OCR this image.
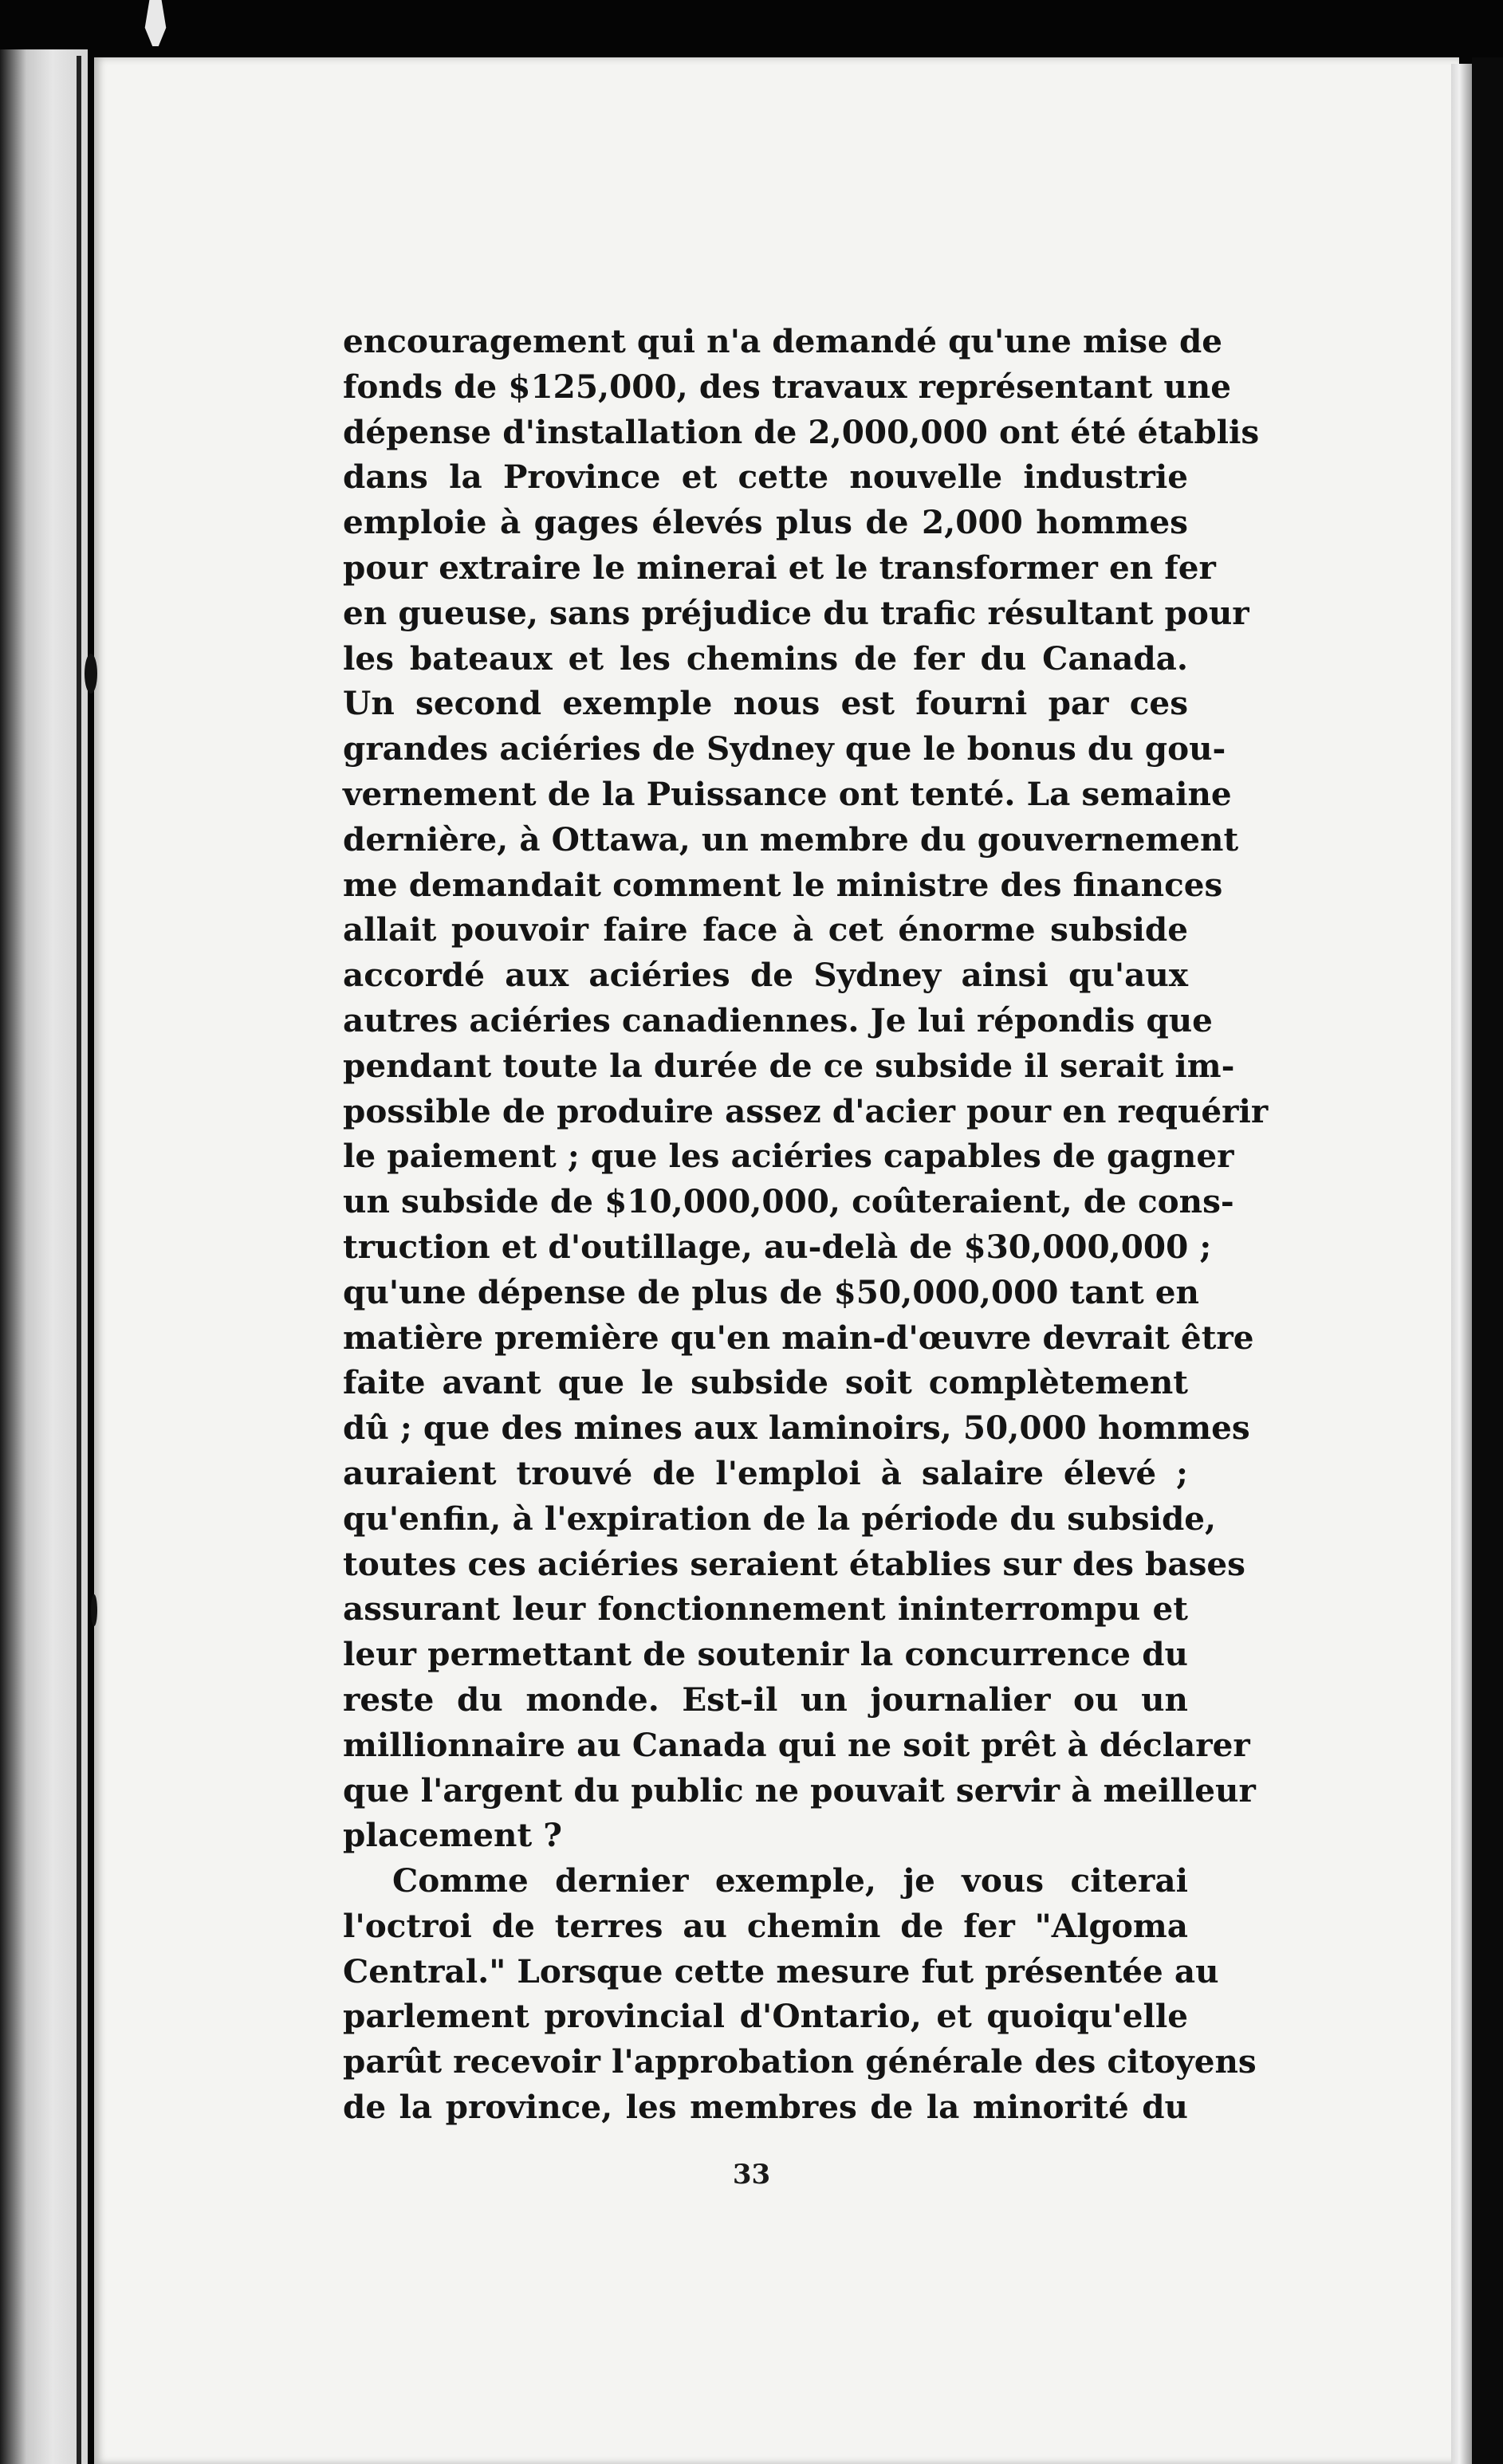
encouragement qui n'a demandé qu'une mise de
fonds de $125,000, des travaux représentant une
dépense d'installation de 2,000,000 ont été établis
dans la Province et cette nouvelle industrie
emploie à gages élevés plus de 2,000 hommes
pour extraire le minerai et le transformer en fer
en gueuse, sans préjudice du trafic résultant pour
les bateaux et les chemins de fer du Canada.
Un second exemple nous est fourni par ces
grandes aciéries de Sydney que le bonus du gou-
vernement de la Puissance ont tenté. La semaine
dernière, à Ottawa, un membre du gouvernement
me demandait comment le ministre des finances
allait pouvoir faire face à cet énorme subside
accordé aux aciéries de Sydney ainsi qu'aux
autres aciéries canadiennes. Je lui répondis que
pendant toute la durée de ce subside il serait im-
possible de produire assez d'acier pour en requérir
le paiement ; que les aciéries capables de gagner
un subside de $10,000,000, coûteraient, de cons-
truction et d'outillage, au-delà de $30,000,000 ;
qu'une dépense de plus de $50,000,000 tant en
matière première qu'en main-d'œuvre devrait être
faite avant que le subside soit complètement
dû ; que des mines aux laminoirs, 50,000 hommes
auraient trouvé de l'emploi à salaire élevé ;
qu'enfin, à l'expiration de la période du subside,
toutes ces aciéries seraient établies sur des bases
assurant leur fonctionnement ininterrompu et
leur permettant de soutenir la concurrence du
reste du monde. Est-il un journalier ou un
millionnaire au Canada qui ne soit prêt à déclarer
que l'argent du public ne pouvait servir à meilleur
placement ?
Comme dernier exemple, je vous citerai
l'octroi de terres au chemin de fer "Algoma
Central." Lorsque cette mesure fut présentée au
parlement provincial d'Ontario, et quoiqu'elle
parût recevoir l'approbation générale des citoyens
de la province, les membres de la minorité du
33
